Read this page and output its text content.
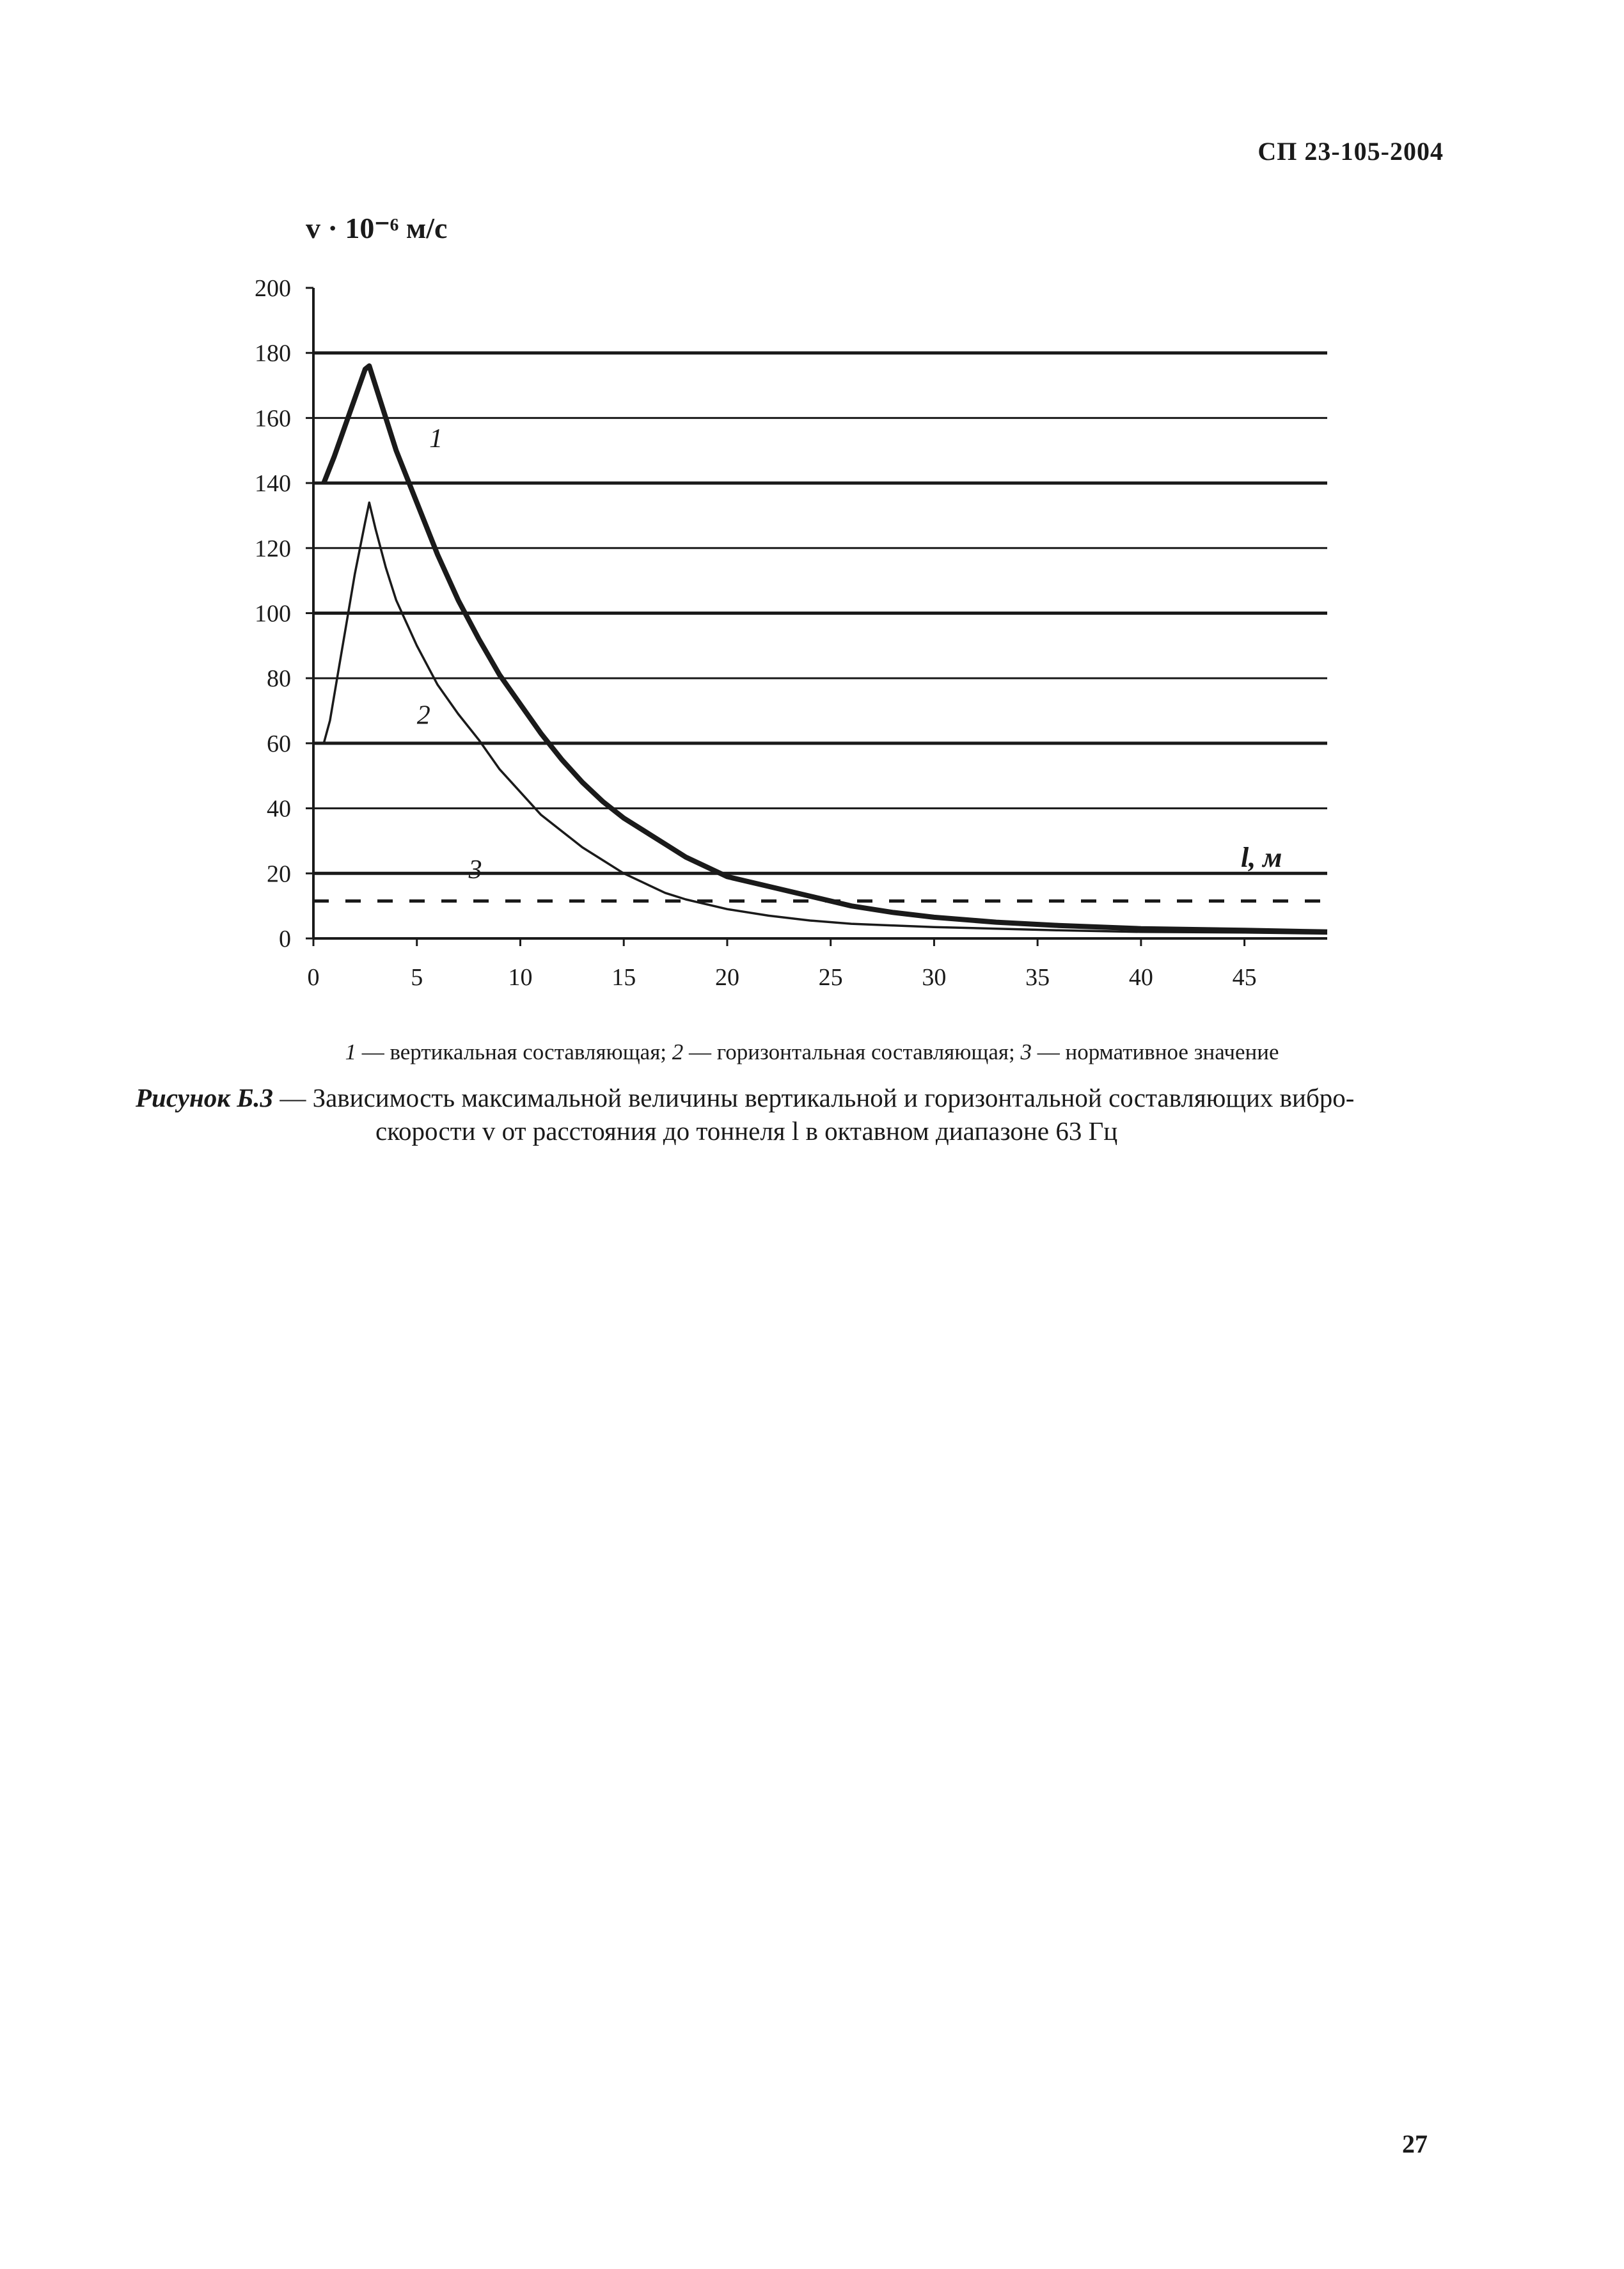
СП 23-105-2004
0
20
40
60
80
100
120
140
160
180
200
0	5	10	15	20	25	30	35	40	45
v · 10⁻⁶ м/с
l, м
1
2
3
1 — вертикальная составляющая; 2 — горизонтальная составляющая; 3 — нормативное значение
Рисунок Б.3 — Зависимость максимальной величины вертикальной и горизонтальной составляющих вибро-
скорости v от расстояния до тоннеля l в октавном диапазоне 63 Гц
27
